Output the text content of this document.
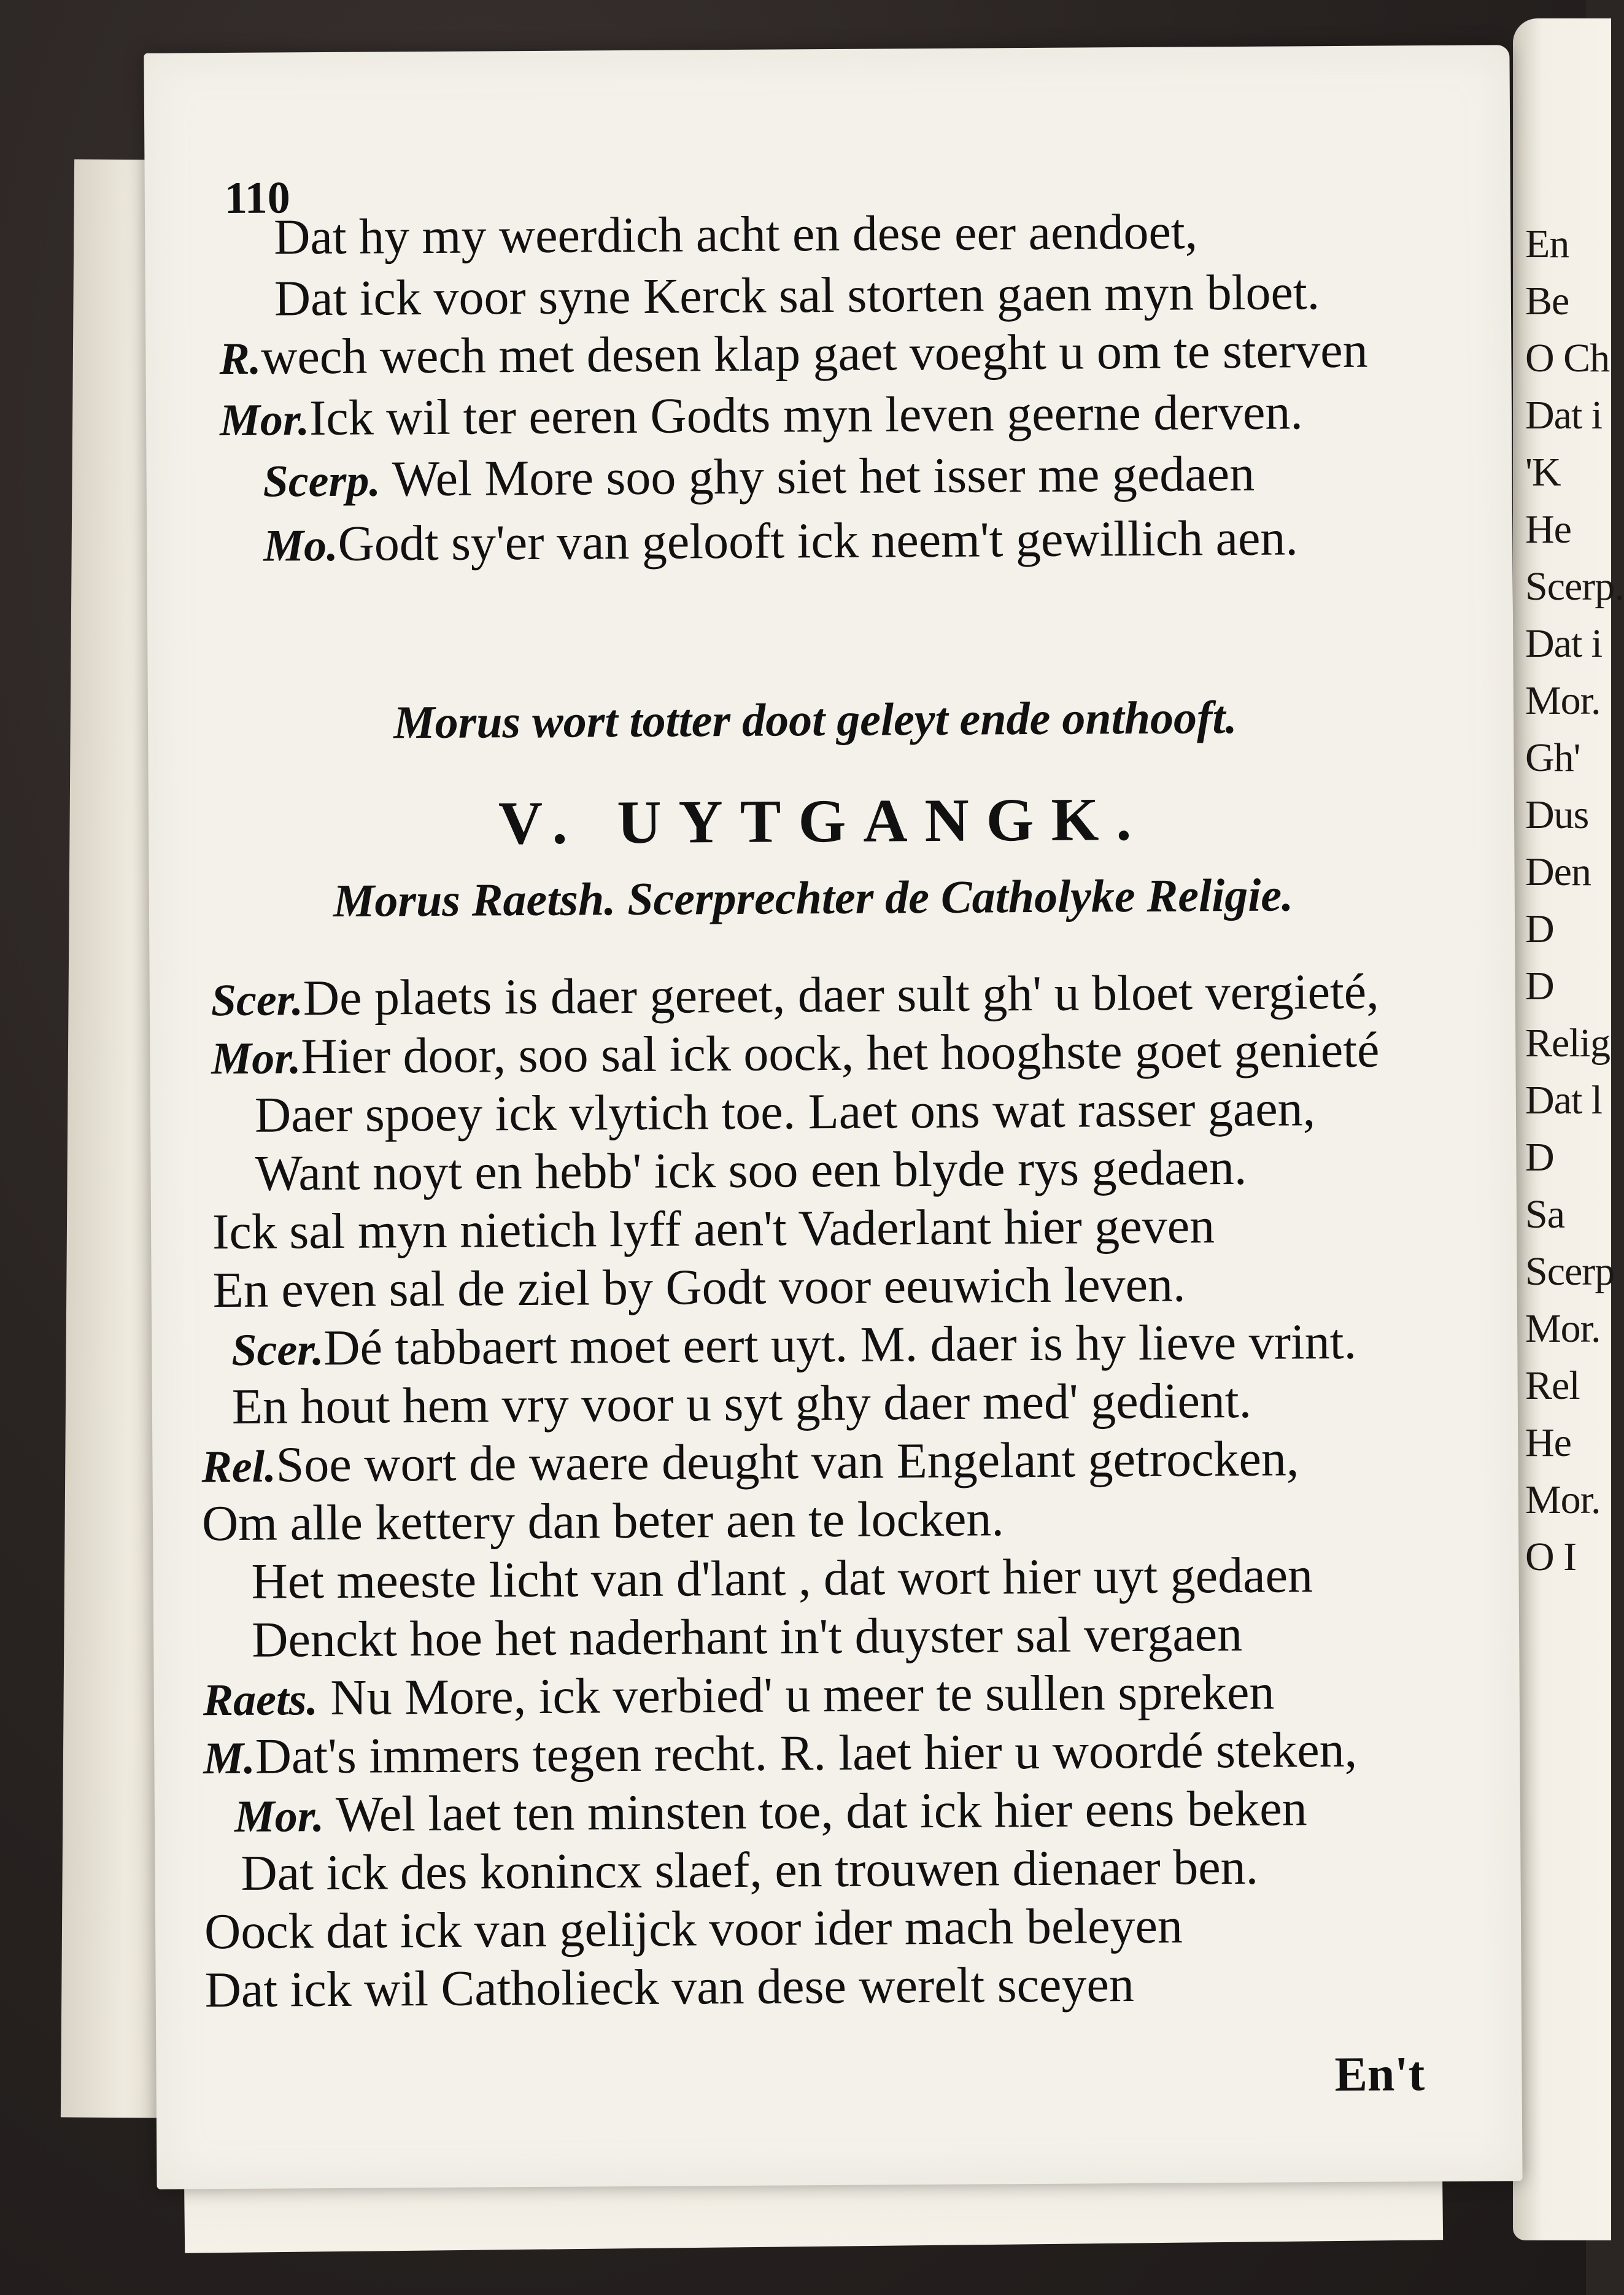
En
Be
O Ch
Dat i
'K
He
Scerp.
Dat i
Mor.
Gh'
Dus
Den
D
D
Relig
Dat l
D
Sa
Scerp
Mor.
Rel
He
Mor.
O I
110
Dat hy my weerdich acht en dese eer aendoet,
Dat ick voor syne Kerck sal storten gaen myn bloet.
R.wech wech met desen klap gaet voeght u om te sterven
Mor.Ick wil ter eeren Godts myn leven geerne derven.
Scerp. Wel More soo ghy siet het isser me gedaen
Mo.Godt sy'er van gelooft ick neem't gewillich aen.
Morus wort totter doot geleyt ende onthooft.
V. UYTGANGK.
Morus Raetsh. Scerprechter de Catholyke Religie.
Scer.De plaets is daer gereet, daer sult gh' u bloet vergieté,
Mor.Hier door, soo sal ick oock, het hooghste goet genieté
Daer spoey ick vlytich toe. Laet ons wat rasser gaen,
Want noyt en hebb' ick soo een blyde rys gedaen.
Ick sal myn nietich lyff aen't Vaderlant hier geven
En even sal de ziel by Godt voor eeuwich leven.
Scer.Dé tabbaert moet eert uyt. M. daer is hy lieve vrint.
En hout hem vry voor u syt ghy daer med' gedient.
Rel.Soe wort de waere deught van Engelant getrocken,
Om alle kettery dan beter aen te locken.
Het meeste licht van d'lant , dat wort hier uyt gedaen
Denckt hoe het naderhant in't duyster sal vergaen
Raets. Nu More, ick verbied' u meer te sullen spreken
M.Dat's immers tegen recht. R. laet hier u woordé steken,
Mor. Wel laet ten minsten toe, dat ick hier eens beken
Dat ick des konincx slaef, en trouwen dienaer ben.
Oock dat ick van gelijck voor ider mach beleyen
Dat ick wil Catholieck van dese werelt sceyen
En't
